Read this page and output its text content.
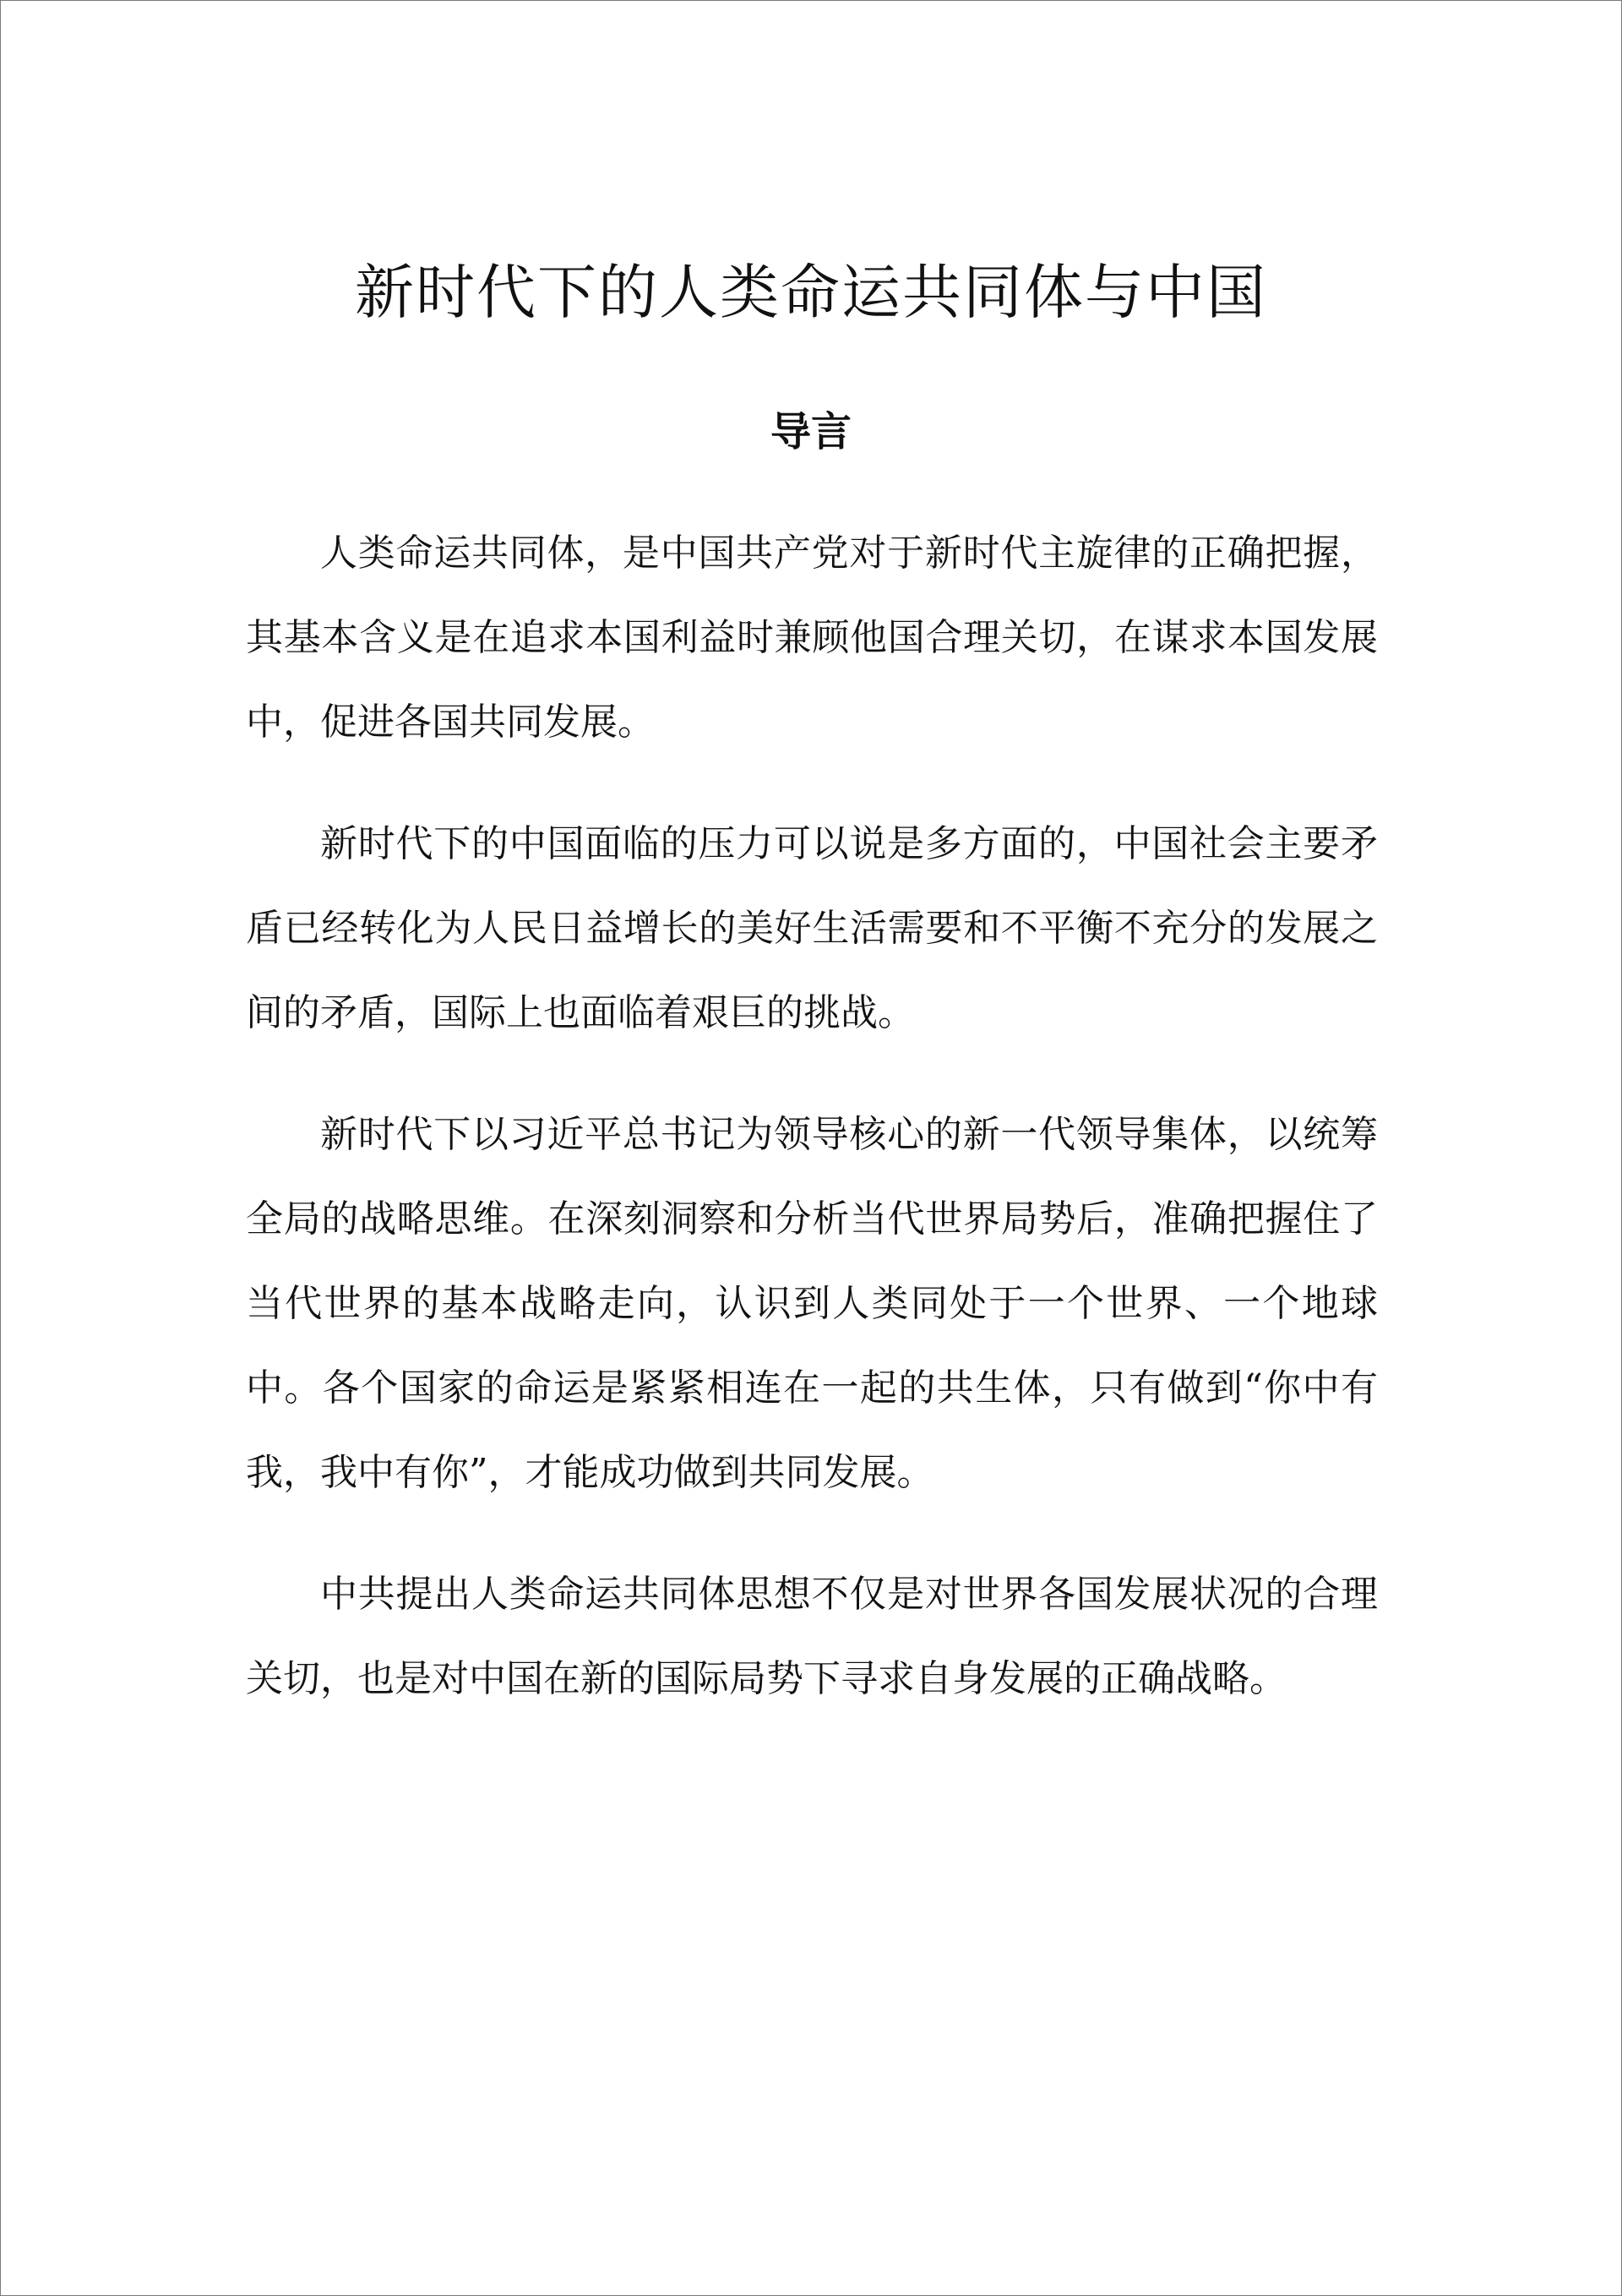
新时代下的人类命运共同体与中国
导言

人类命运共同体，是中国共产党对于新时代主旋律的正确把握，其基本含义是在追求本国利益时兼顾他国合理关切，在谋求本国发展中，促进各国共同发展。

新时代下的中国面临的压力可以说是多方面的，中国社会主要矛盾已经转化为人民日益增长的美好生活需要和不平衡不充分的发展之间的矛盾，国际上也面临着艰巨的挑战。

新时代下以习近平总书记为领导核心的新一代领导集体，以统筹全局的战略思维。在深刻洞察和分析当代世界局势后，准确把握住了当代世界的基本战略走向，认识到人类同处于一个世界、一个地球中。各个国家的命运是紧紧相连在一起的共生体，只有做到“你中有我，我中有你”，才能成功做到共同发展。

中共提出人类命运共同体思想不仅是对世界各国发展状况的合理关切，也是对中国在新的国际局势下寻求自身发展的正确战略。
